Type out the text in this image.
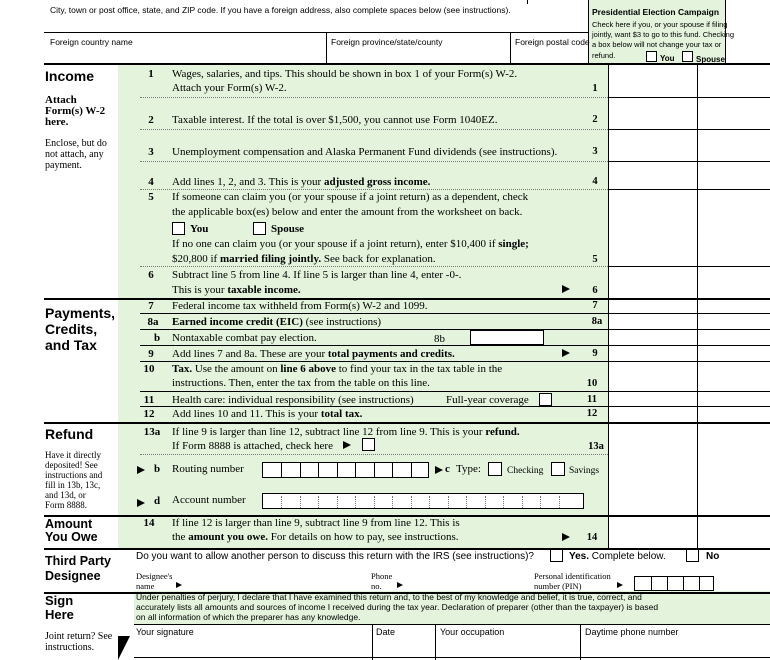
City, town or post office, state, and ZIP code. If you have a foreign address, also complete spaces below (see instructions).
Foreign country name	Foreign province/state/county	Foreign postal code
Presidential Election Campaign
Check here if you, or your spouse if filing
jointly, want $3 to go to this fund. Checking
a box below will not change your tax or
refund.	You	Spouse
Income
Attach
Form(s) W-2
here.
Enclose, but do
not attach, any
payment.
1	Wages, salaries, and tips. This should be shown in box 1 of your Form(s) W-2.
Attach your Form(s) W-2.	1
2	Taxable interest. If the total is over $1,500, you cannot use Form 1040EZ.	2
3	Unemployment compensation and Alaska Permanent Fund dividends (see instructions).	3
4	Add lines 1, 2, and 3. This is your adjusted gross income.	4
5	If someone can claim you (or your spouse if a joint return) as a dependent, check
the applicable box(es) below and enter the amount from the worksheet on back.
You	Spouse
If no one can claim you (or your spouse if a joint return), enter $10,400 if single;
$20,800 if married filing jointly. See back for explanation.	5
6	Subtract line 5 from line 4. If line 5 is larger than line 4, enter -0-.
This is your taxable income.	6
Payments,
Credits,
and Tax
7	Federal income tax withheld from Form(s) W-2 and 1099.	7
8a	Earned income credit (EIC) (see instructions)	8a
b	Nontaxable combat pay election.	8b
9	Add lines 7 and 8a. These are your total payments and credits.	9
10	Tax. Use the amount on line 6 above to find your tax in the tax table in the
instructions. Then, enter the tax from the table on this line.	10
11	Health care: individual responsibility (see instructions)	Full-year coverage	11
12	Add lines 10 and 11. This is your total tax.	12
Refund
Have it directly
deposited! See
instructions and
fill in 13b, 13c,
and 13d, or
Form 8888.
13a	If line 9 is larger than line 12, subtract line 12 from line 9. This is your refund.
If Form 8888 is attached, check here	13a
b	Routing number	c Type:	Checking	Savings
d	Account number
Amount
You Owe
14	If line 12 is larger than line 9, subtract line 9 from line 12. This is
the amount you owe. For details on how to pay, see instructions.	14
Third Party
Designee
Do you want to allow another person to discuss this return with the IRS (see instructions)?	Yes. Complete below.	No
Designee's
name
Phone
no.
Personal identification
number (PIN)
Sign
Here
Under penalties of perjury, I declare that I have examined this return and, to the best of my knowledge and belief, it is true, correct, and
accurately lists all amounts and sources of income I received during the tax year. Declaration of preparer (other than the taxpayer) is based
on all information of which the preparer has any knowledge.
Your signature	Date	Your occupation	Daytime phone number
Joint return? See
instructions.
